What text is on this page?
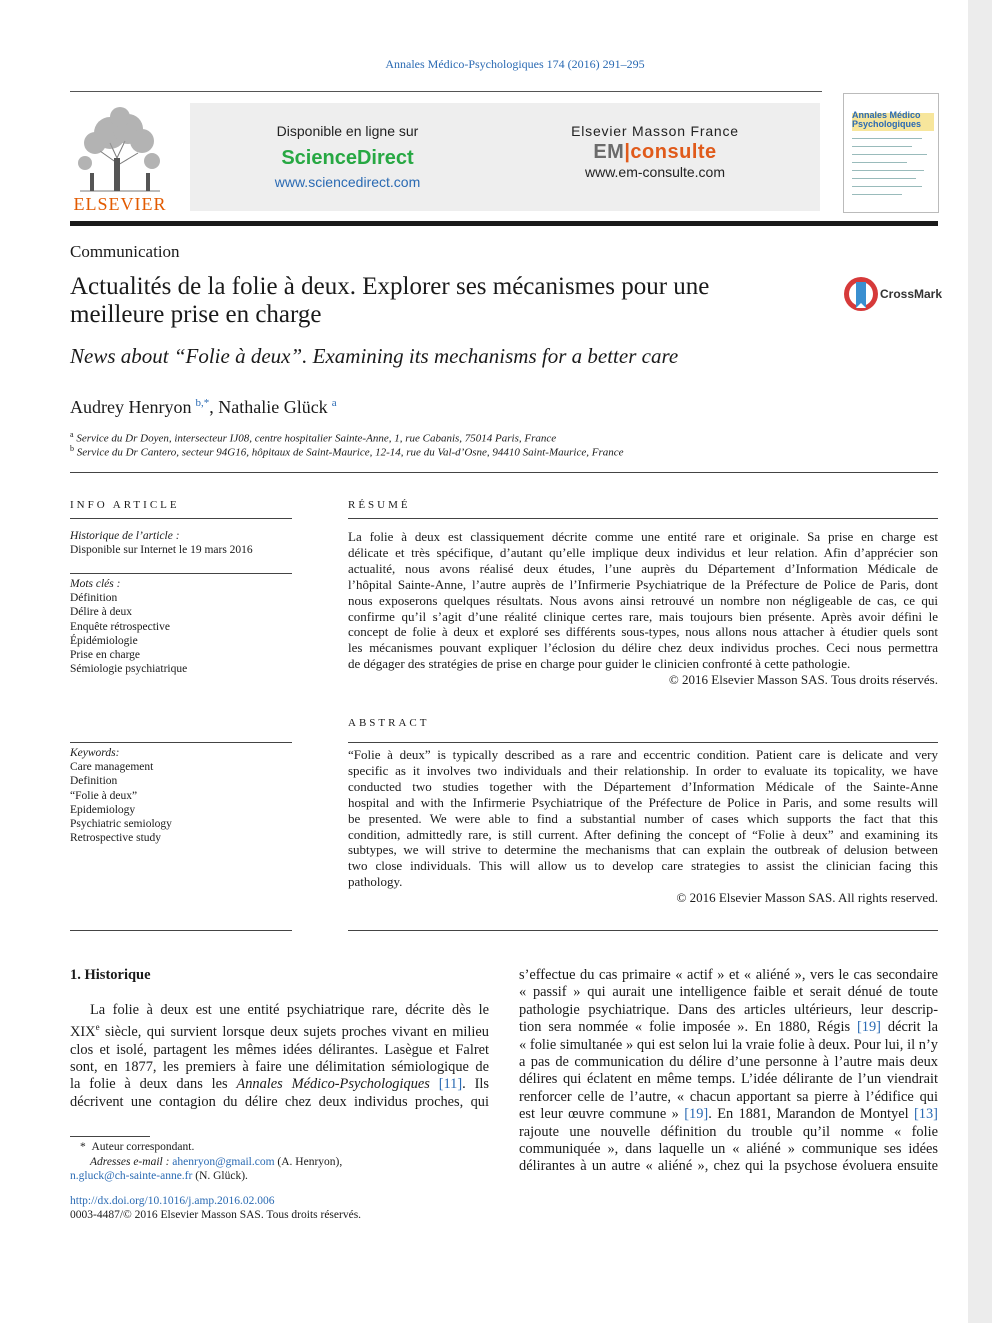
Annales Médico-Psychologiques 174 (2016) 291–295
ELSEVIER
Disponible en ligne sur
ScienceDirect
www.sciencedirect.com
Elsevier Masson France
EM|consulte
www.em-consulte.com
Annales Médico
Psychologiques
Communication
Actualités de la folie à deux. Explorer ses mécanismes pour une meilleure prise en charge
News about “Folie à deux”. Examining its mechanisms for a better care
CrossMark
Audrey Henryon $^{b,*}$, Nathalie Glück $^a$
$^a$ Service du Dr Doyen, intersecteur IJ08, centre hospitalier Sainte-Anne, 1, rue Cabanis, 75014 Paris, France
$^b$ Service du Dr Cantero, secteur 94G16, hôpitaux de Saint-Maurice, 12-14, rue du Val-d’Osne, 94410 Saint-Maurice, France
INFO ARTICLE
Historique de l’article :
Disponible sur Internet le 19 mars 2016
Mots clés :
Définition
Délire à deux
Enquête rétrospective
Épidémiologie
Prise en charge
Sémiologie psychiatrique
Keywords:
Care management
Definition
“Folie à deux”
Epidemiology
Psychiatric semiology
Retrospective study
RÉSUMÉ
La folie à deux est classiquement décrite comme une entité rare et originale. Sa prise en charge est
délicate et très spécifique, d’autant qu’elle implique deux individus et leur relation. Afin d’apprécier son
actualité, nous avons réalisé deux études, l’une auprès du Département d’Information Médicale de
l’hôpital Sainte-Anne, l’autre auprès de l’Infirmerie Psychiatrique de la Préfecture de Police de Paris, dont
nous exposerons quelques résultats. Nous avons ainsi retrouvé un nombre non négligeable de cas, ce qui
confirme qu’il s’agit d’une réalité clinique certes rare, mais toujours bien présente. Après avoir défini le
concept de folie à deux et exploré ses différents sous-types, nous allons nous attacher à étudier quels sont
les mécanismes pouvant expliquer l’éclosion du délire chez deux individus proches. Ceci nous permettra
de dégager des stratégies de prise en charge pour guider le clinicien confronté à cette pathologie.
© 2016 Elsevier Masson SAS. Tous droits réservés.
ABSTRACT
“Folie à deux” is typically described as a rare and eccentric condition. Patient care is delicate and very
specific as it involves two individuals and their relationship. In order to evaluate its topicality, we have
conducted two studies together with the Département d’Information Médicale of the Sainte-Anne
hospital and with the Infirmerie Psychiatrique of the Préfecture de Police in Paris, and some results will
be presented. We were able to find a substantial number of cases which supports the fact that this
condition, admittedly rare, is still current. After defining the concept of “Folie à deux” and examining its
subtypes, we will strive to determine the mechanisms that can explain the outbreak of delusion between
two close individuals. This will allow us to develop care strategies to assist the clinician facing this
pathology.
© 2016 Elsevier Masson SAS. All rights reserved.
1. Historique
La folie à deux est une entité psychiatrique rare, décrite dès le
XIXe siècle, qui survient lorsque deux sujets proches vivant en milieu
clos et isolé, partagent les mêmes idées délirantes. Lasègue et Falret
sont, en 1877, les premiers à faire une délimitation sémiologique de
la folie à deux dans les Annales Médico-Psychologiques [11]. Ils
décrivent une contagion du délire chez deux individus proches, qui
s’effectue du cas primaire « actif » et « aliéné », vers le cas secondaire
« passif » qui aurait une intelligence faible et serait dénué de toute
pathologie psychiatrique. Dans des articles ultérieurs, leur descrip-
tion sera nommée « folie imposée ». En 1880, Régis [19] décrit la
« folie simultanée » qui est selon lui la vraie folie à deux. Pour lui, il n’y
a pas de communication du délire d’une personne à l’autre mais deux
délires qui éclatent en même temps. L’idée délirante de l’un viendrait
renforcer celle de l’autre, « chacun apportant sa pierre à l’édifice qui
est leur œuvre commune » [19]. En 1881, Marandon de Montyel [13]
rajoute une nouvelle définition du trouble qu’il nomme « folie
communiquée », dans laquelle un « aliéné » communique ses idées
délirantes à un autre « aliéné », chez qui la psychose évoluera ensuite
* Auteur correspondant.
Adresses e-mail : ahenryon@gmail.com (A. Henryon),
n.gluck@ch-sainte-anne.fr (N. Glück).
http://dx.doi.org/10.1016/j.amp.2016.02.006
0003-4487/© 2016 Elsevier Masson SAS. Tous droits réservés.
